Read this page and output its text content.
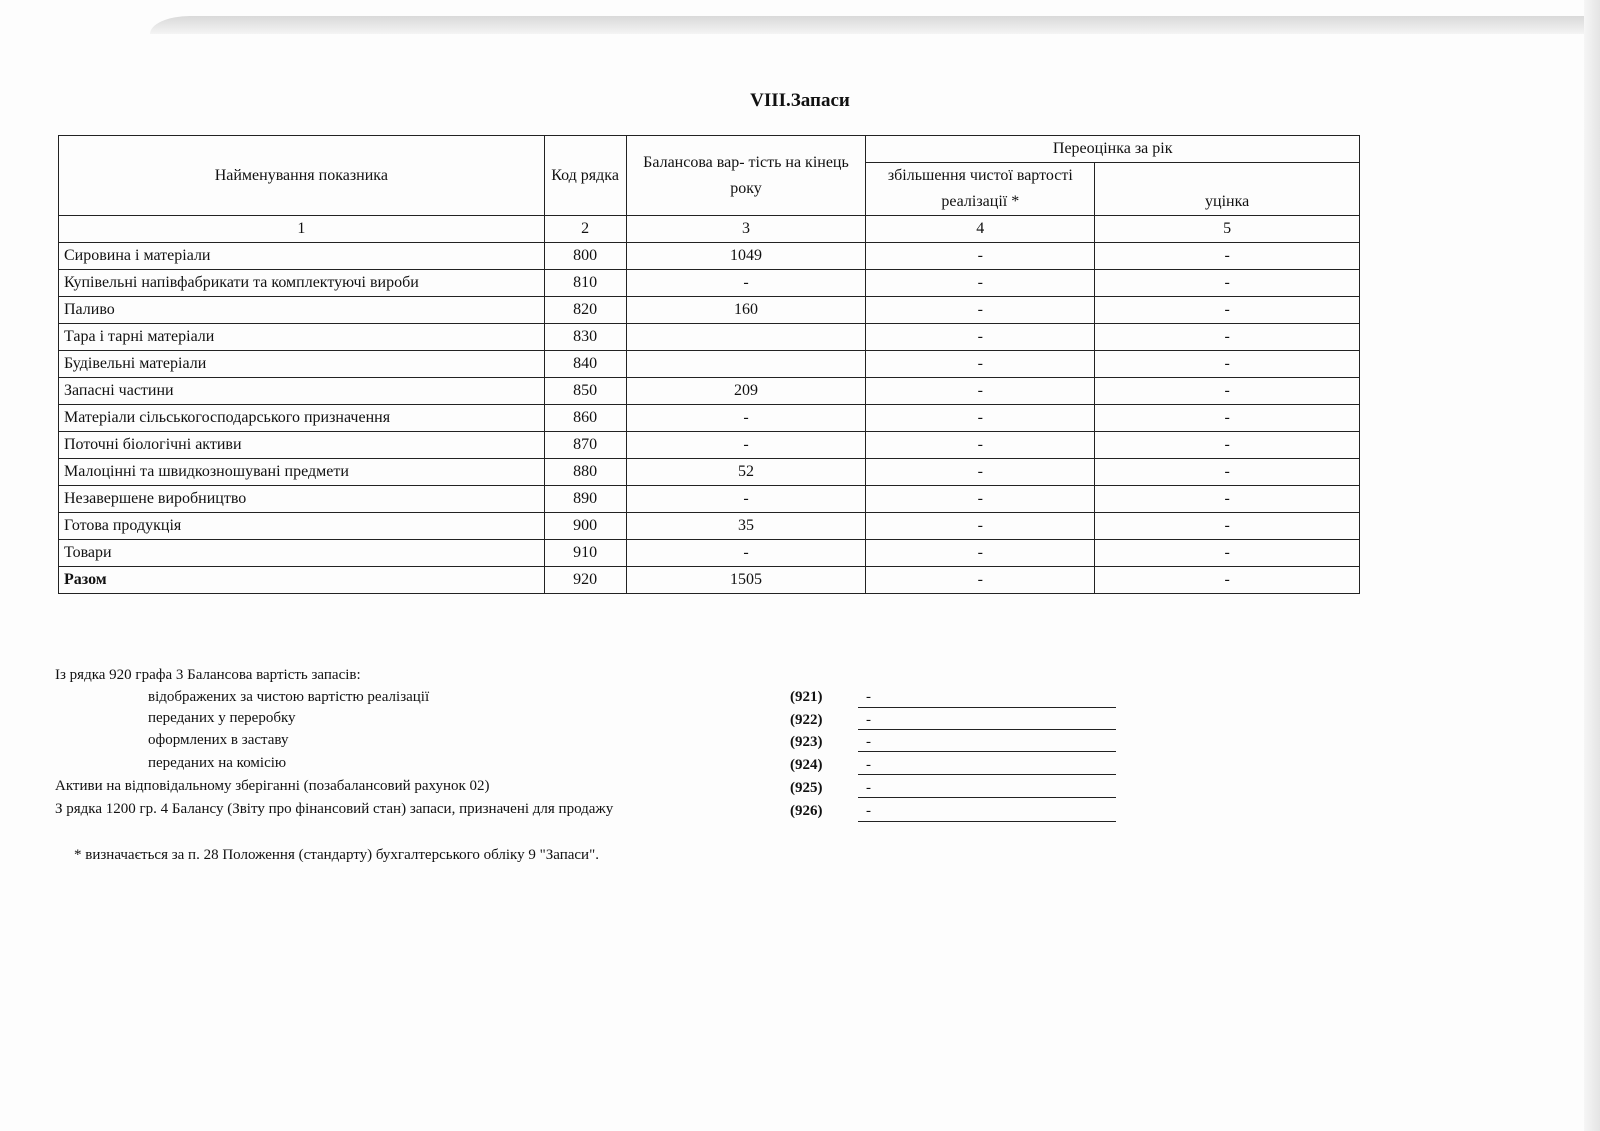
VIII.Запаси
Найменування показника	Код рядка	Балансова вар- тість на кінець року	Переоцінка за рік	
			збільшення чистої вартості реалізації *	уцінка
1	2	3	4	5
Сировина і матеріали	800	1049	-	-
Купівельні напівфабрикати та комплектуючі вироби	810	-	-	-
Паливо	820	160	-	-
Тара і тарні матеріали	830		-	-
Будівельні матеріали	840		-	-
Запасні частини	850	209	-	-
Матеріали сільськогосподарського призначення	860	-	-	-
Поточні біологічні активи	870	-	-	-
Малоцінні та швидкозношувані предмети	880	52	-	-
Незавершене виробництво	890	-	-	-
Готова продукція	900	35	-	-
Товари	910	-	-	-
Разом	920	1505	-	-
Із рядка 920 графа 3 Балансова вартість запасів:
відображених за чистою вартістю реалізації	(921)	-
переданих у переробку	(922)	-
оформлених в заставу	(923)	-
переданих на комісію	(924)	-
Активи на відповідальному зберіганні (позабалансовий рахунок 02)	(925)	-
З рядка 1200 гр. 4 Балансу (Звіту про фінансовий стан) запаси, призначені для продажу	(926)	-
* визначається за п. 28 Положення (стандарту) бухгалтерського обліку 9 "Запаси".
